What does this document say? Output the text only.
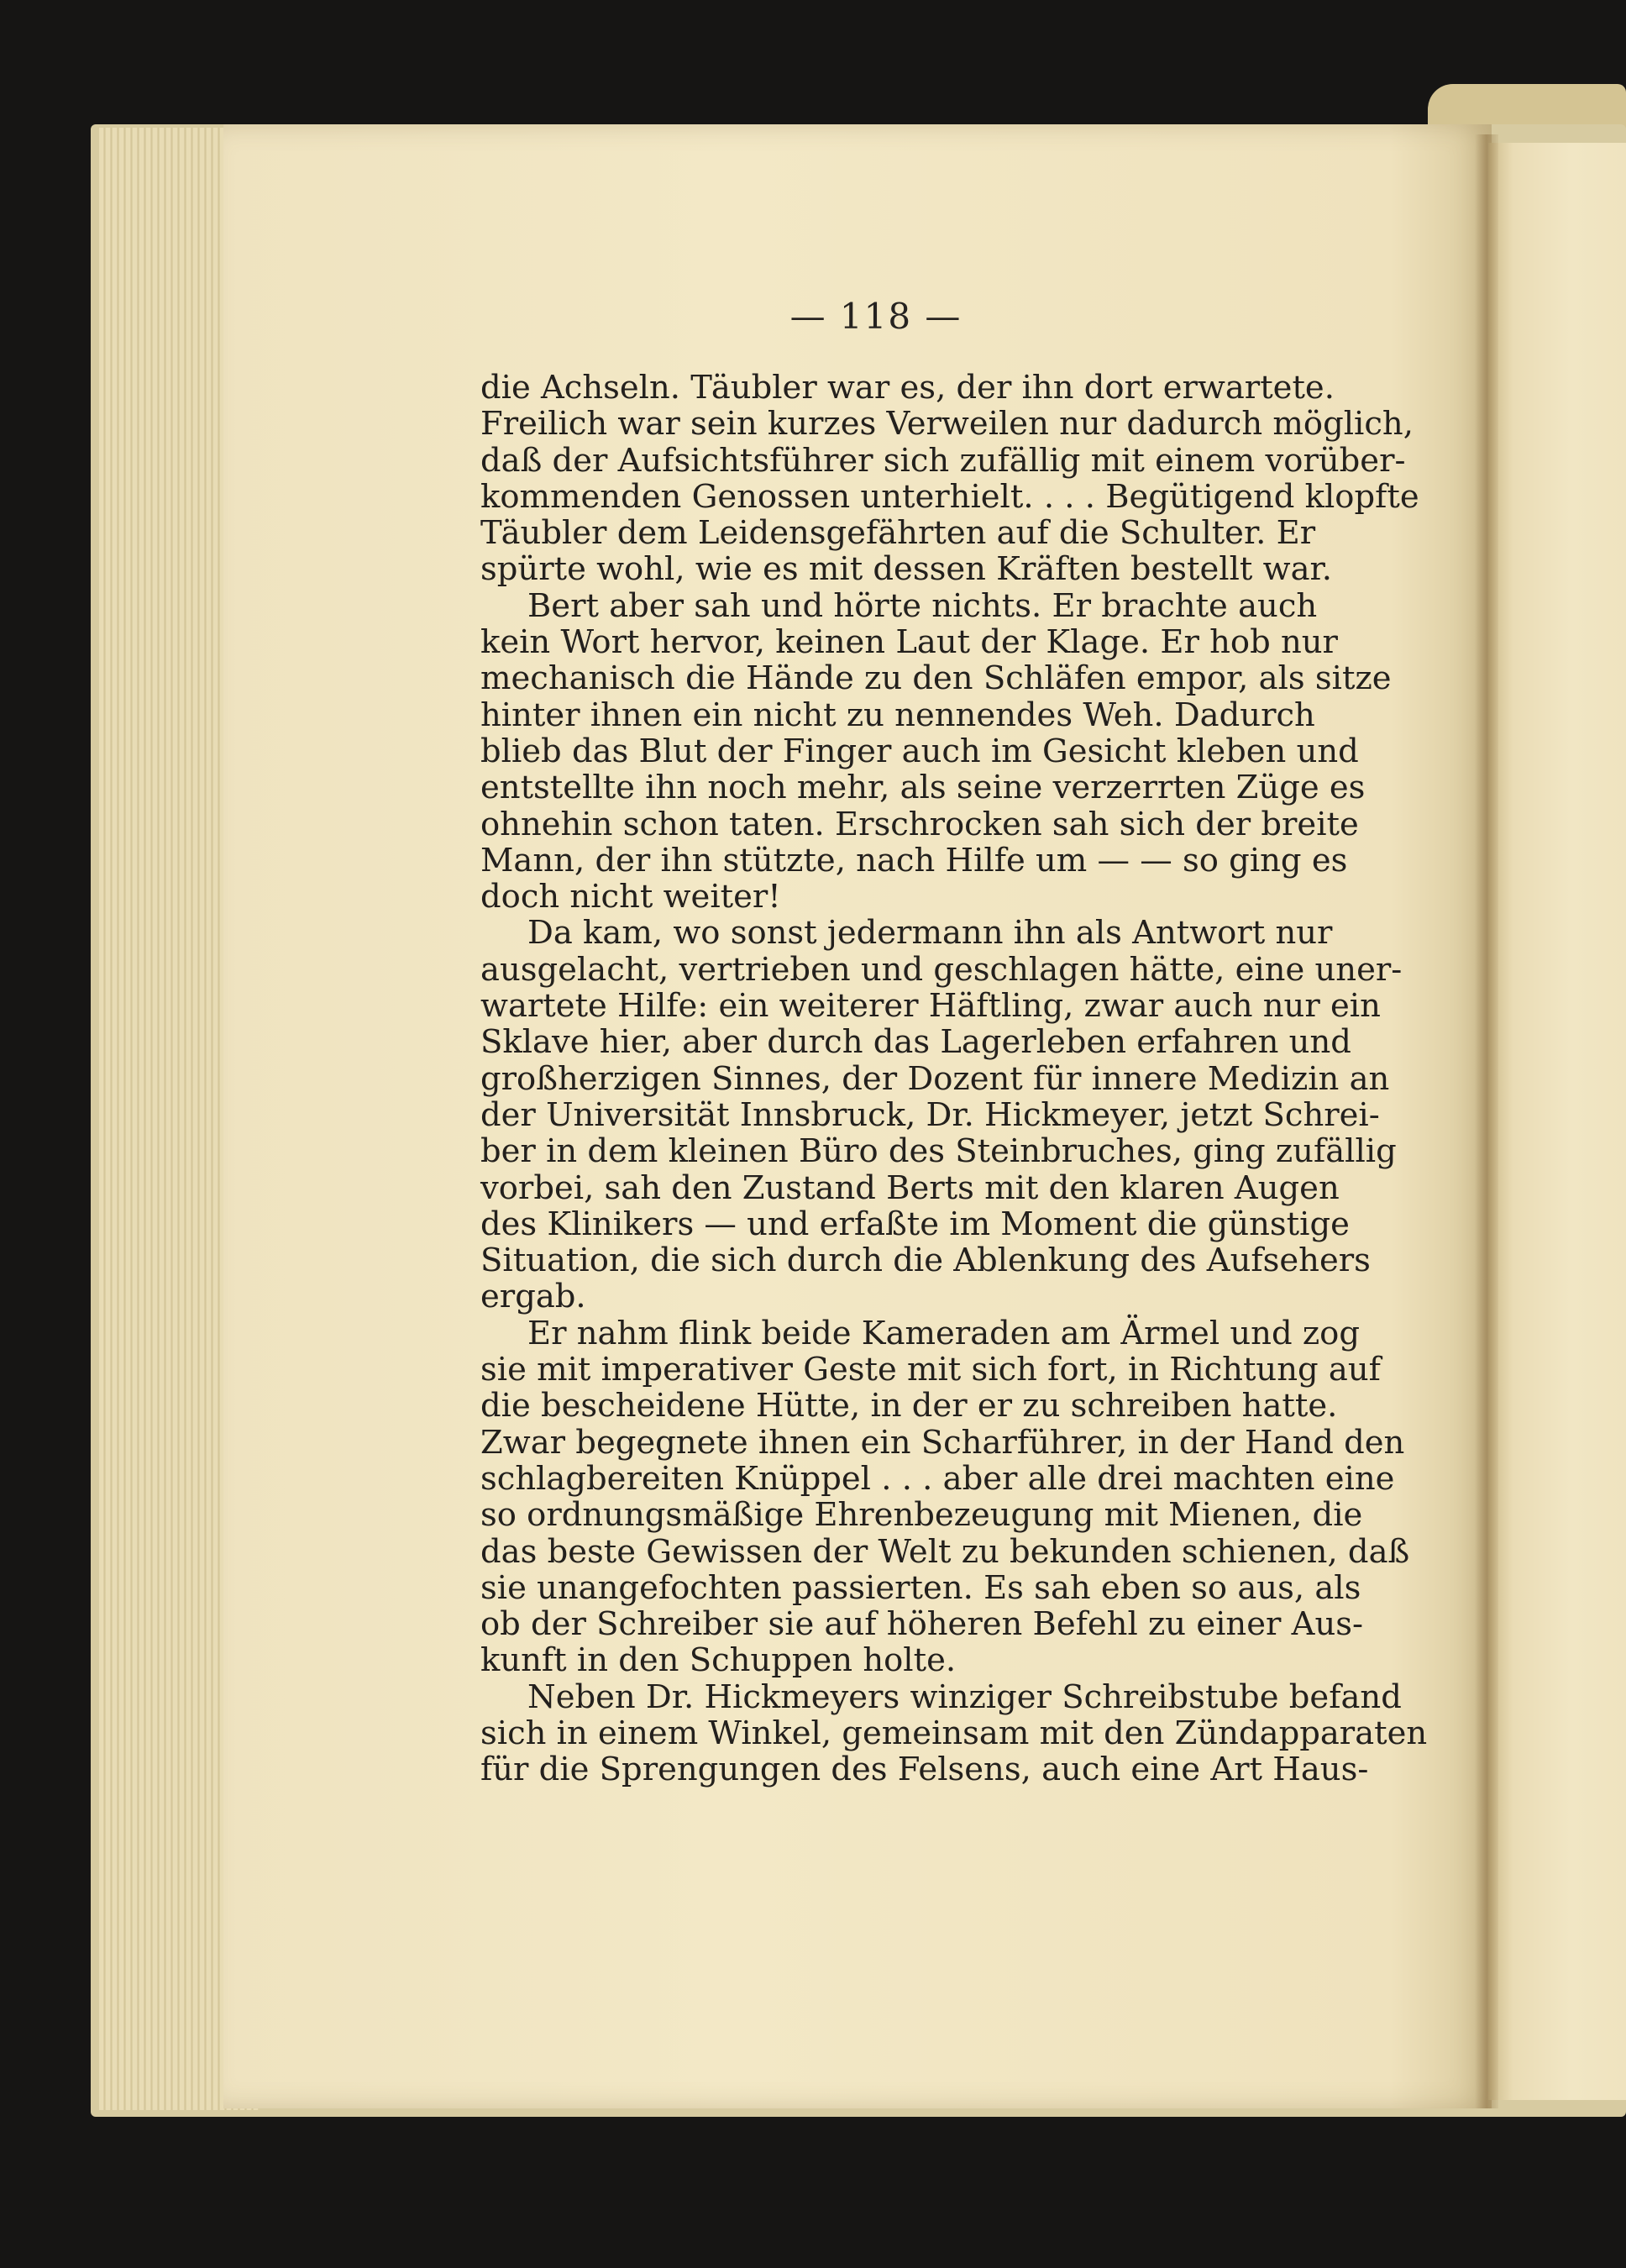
— 118 —
die Achseln. Täubler war es, der ihn dort erwartete.
Freilich war sein kurzes Verweilen nur dadurch möglich,
daß der Aufsichtsführer sich zufällig mit einem vorüber-
kommenden Genossen unterhielt. . . . Begütigend klopfte
Täubler dem Leidensgefährten auf die Schulter. Er
spürte wohl, wie es mit dessen Kräften bestellt war.
Bert aber sah und hörte nichts. Er brachte auch
kein Wort hervor, keinen Laut der Klage. Er hob nur
mechanisch die Hände zu den Schläfen empor, als sitze
hinter ihnen ein nicht zu nennendes Weh. Dadurch
blieb das Blut der Finger auch im Gesicht kleben und
entstellte ihn noch mehr, als seine verzerrten Züge es
ohnehin schon taten. Erschrocken sah sich der breite
Mann, der ihn stützte, nach Hilfe um — — so ging es
doch nicht weiter!
Da kam, wo sonst jedermann ihn als Antwort nur
ausgelacht, vertrieben und geschlagen hätte, eine uner-
wartete Hilfe: ein weiterer Häftling, zwar auch nur ein
Sklave hier, aber durch das Lagerleben erfahren und
großherzigen Sinnes, der Dozent für innere Medizin an
der Universität Innsbruck, Dr. Hickmeyer, jetzt Schrei-
ber in dem kleinen Büro des Steinbruches, ging zufällig
vorbei, sah den Zustand Berts mit den klaren Augen
des Klinikers — und erfaßte im Moment die günstige
Situation, die sich durch die Ablenkung des Aufsehers
ergab.
Er nahm flink beide Kameraden am Ärmel und zog
sie mit imperativer Geste mit sich fort, in Richtung auf
die bescheidene Hütte, in der er zu schreiben hatte.
Zwar begegnete ihnen ein Scharführer, in der Hand den
schlagbereiten Knüppel . . . aber alle drei machten eine
so ordnungsmäßige Ehrenbezeugung mit Mienen, die
das beste Gewissen der Welt zu bekunden schienen, daß
sie unangefochten passierten. Es sah eben so aus, als
ob der Schreiber sie auf höheren Befehl zu einer Aus-
kunft in den Schuppen holte.
Neben Dr. Hickmeyers winziger Schreibstube befand
sich in einem Winkel, gemeinsam mit den Zündapparaten
für die Sprengungen des Felsens, auch eine Art Haus-
